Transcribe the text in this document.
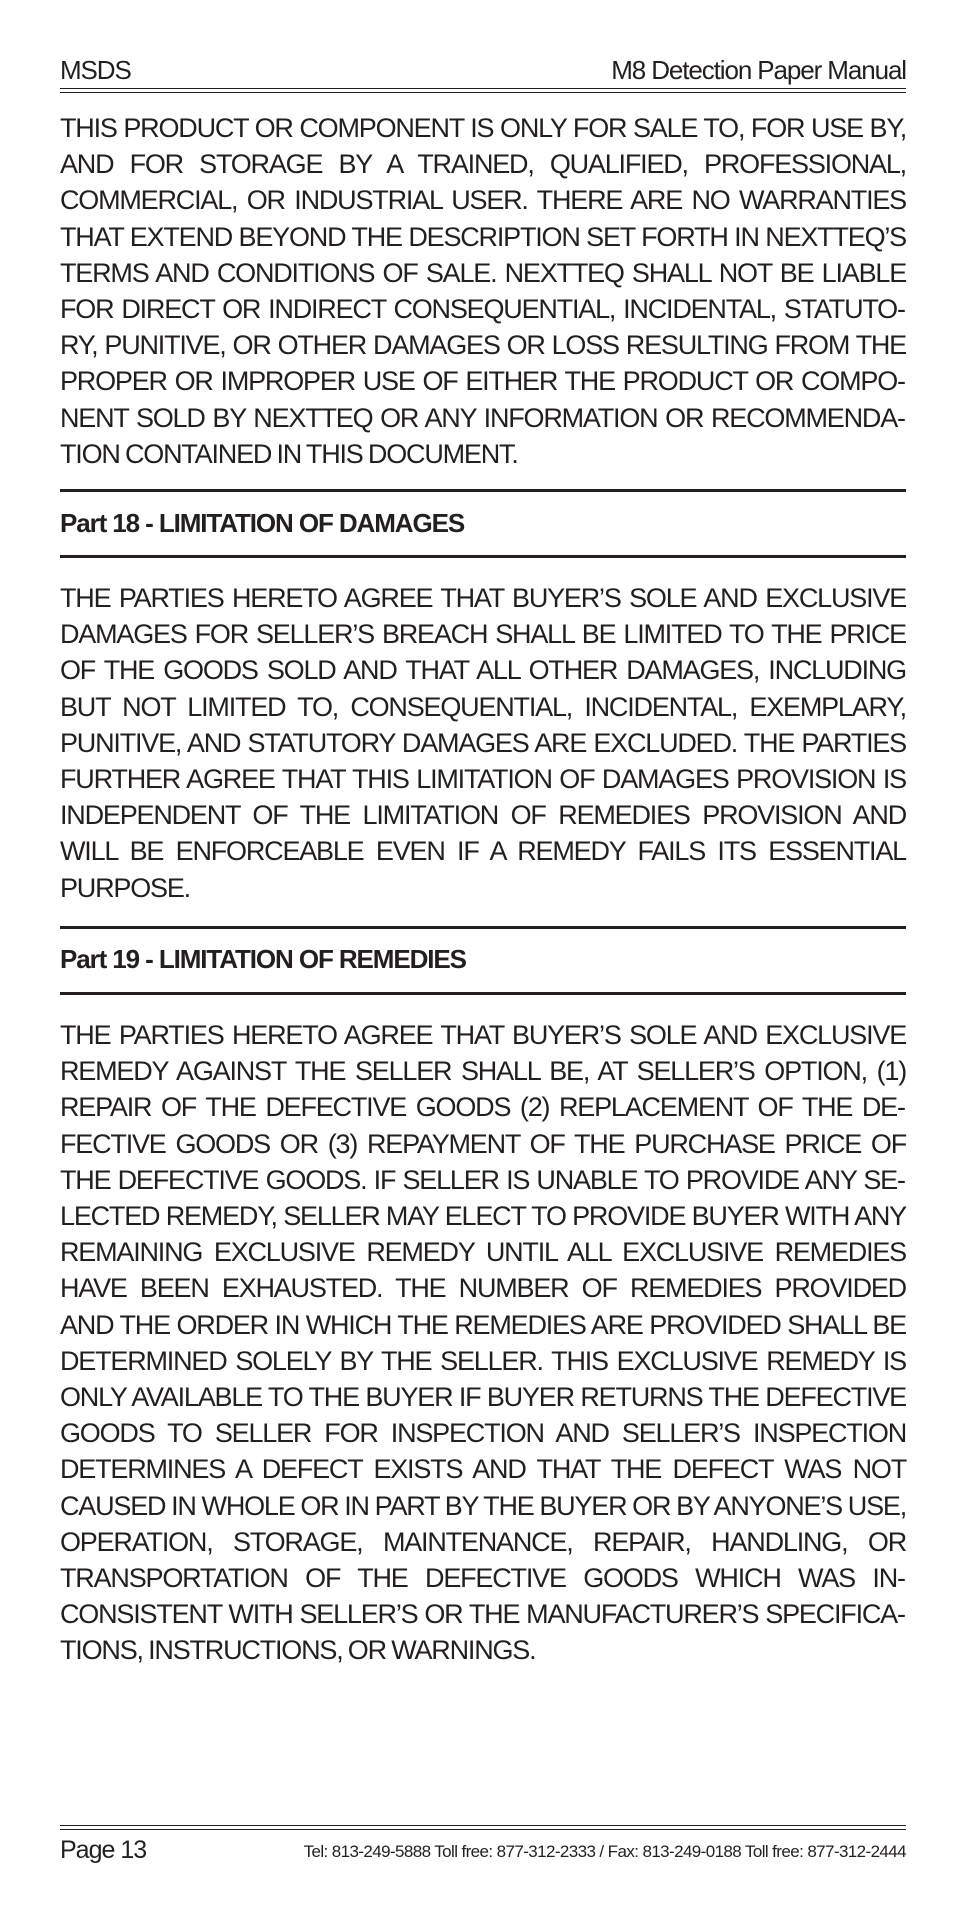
MSDS	M8 Detection Paper Manual

THIS PRODUCT OR COMPONENT IS ONLY FOR SALE TO, FOR USE BY, AND FOR STORAGE BY A TRAINED, QUALIFIED, PROFESSIONAL, COMMERCIAL, OR INDUSTRIAL USER. THERE ARE NO WARRANTIES THAT EXTEND BEYOND THE DESCRIPTION SET FORTH IN NEXTTEQ’S TERMS AND CONDITIONS OF SALE. NEXTTEQ SHALL NOT BE LIABLE FOR DIRECT OR INDIRECT CONSEQUENTIAL, INCIDENTAL, STATUTORY, PUNITIVE, OR OTHER DAMAGES OR LOSS RESULTING FROM THE PROPER OR IMPROPER USE OF EITHER THE PRODUCT OR COMPONENT SOLD BY NEXTTEQ OR ANY INFORMATION OR RECOMMENDATION CONTAINED IN THIS DOCUMENT.

Part 18 - LIMITATION OF DAMAGES

THE PARTIES HERETO AGREE THAT BUYER’S SOLE AND EXCLUSIVE DAMAGES FOR SELLER’S BREACH SHALL BE LIMITED TO THE PRICE OF THE GOODS SOLD AND THAT ALL OTHER DAMAGES, INCLUDING BUT NOT LIMITED TO, CONSEQUENTIAL, INCIDENTAL, EXEMPLARY, PUNITIVE, AND STATUTORY DAMAGES ARE EXCLUDED. THE PARTIES FURTHER AGREE THAT THIS LIMITATION OF DAMAGES PROVISION IS INDEPENDENT OF THE LIMITATION OF REMEDIES PROVISION AND WILL BE ENFORCEABLE EVEN IF A REMEDY FAILS ITS ESSENTIAL PURPOSE.

Part 19 - LIMITATION OF REMEDIES

THE PARTIES HERETO AGREE THAT BUYER’S SOLE AND EXCLUSIVE REMEDY AGAINST THE SELLER SHALL BE, AT SELLER’S OPTION, (1) REPAIR OF THE DEFECTIVE GOODS (2) REPLACEMENT OF THE DEFECTIVE GOODS OR (3) REPAYMENT OF THE PURCHASE PRICE OF THE DEFECTIVE GOODS. IF SELLER IS UNABLE TO PROVIDE ANY SELECTED REMEDY, SELLER MAY ELECT TO PROVIDE BUYER WITH ANY REMAINING EXCLUSIVE REMEDY UNTIL ALL EXCLUSIVE REMEDIES HAVE BEEN EXHAUSTED. THE NUMBER OF REMEDIES PROVIDED AND THE ORDER IN WHICH THE REMEDIES ARE PROVIDED SHALL BE DETERMINED SOLELY BY THE SELLER. THIS EXCLUSIVE REMEDY IS ONLY AVAILABLE TO THE BUYER IF BUYER RETURNS THE DEFECTIVE GOODS TO SELLER FOR INSPECTION AND SELLER’S INSPECTION DETERMINES A DEFECT EXISTS AND THAT THE DEFECT WAS NOT CAUSED IN WHOLE OR IN PART BY THE BUYER OR BY ANYONE’S USE, OPERATION, STORAGE, MAINTENANCE, REPAIR, HANDLING, OR TRANSPORTATION OF THE DEFECTIVE GOODS WHICH WAS INCONSISTENT WITH SELLER’S OR THE MANUFACTURER’S SPECIFICATIONS, INSTRUCTIONS, OR WARNINGS.

Page 13	Tel: 813-249-5888 Toll free: 877-312-2333 / Fax: 813-249-0188 Toll free: 877-312-2444
